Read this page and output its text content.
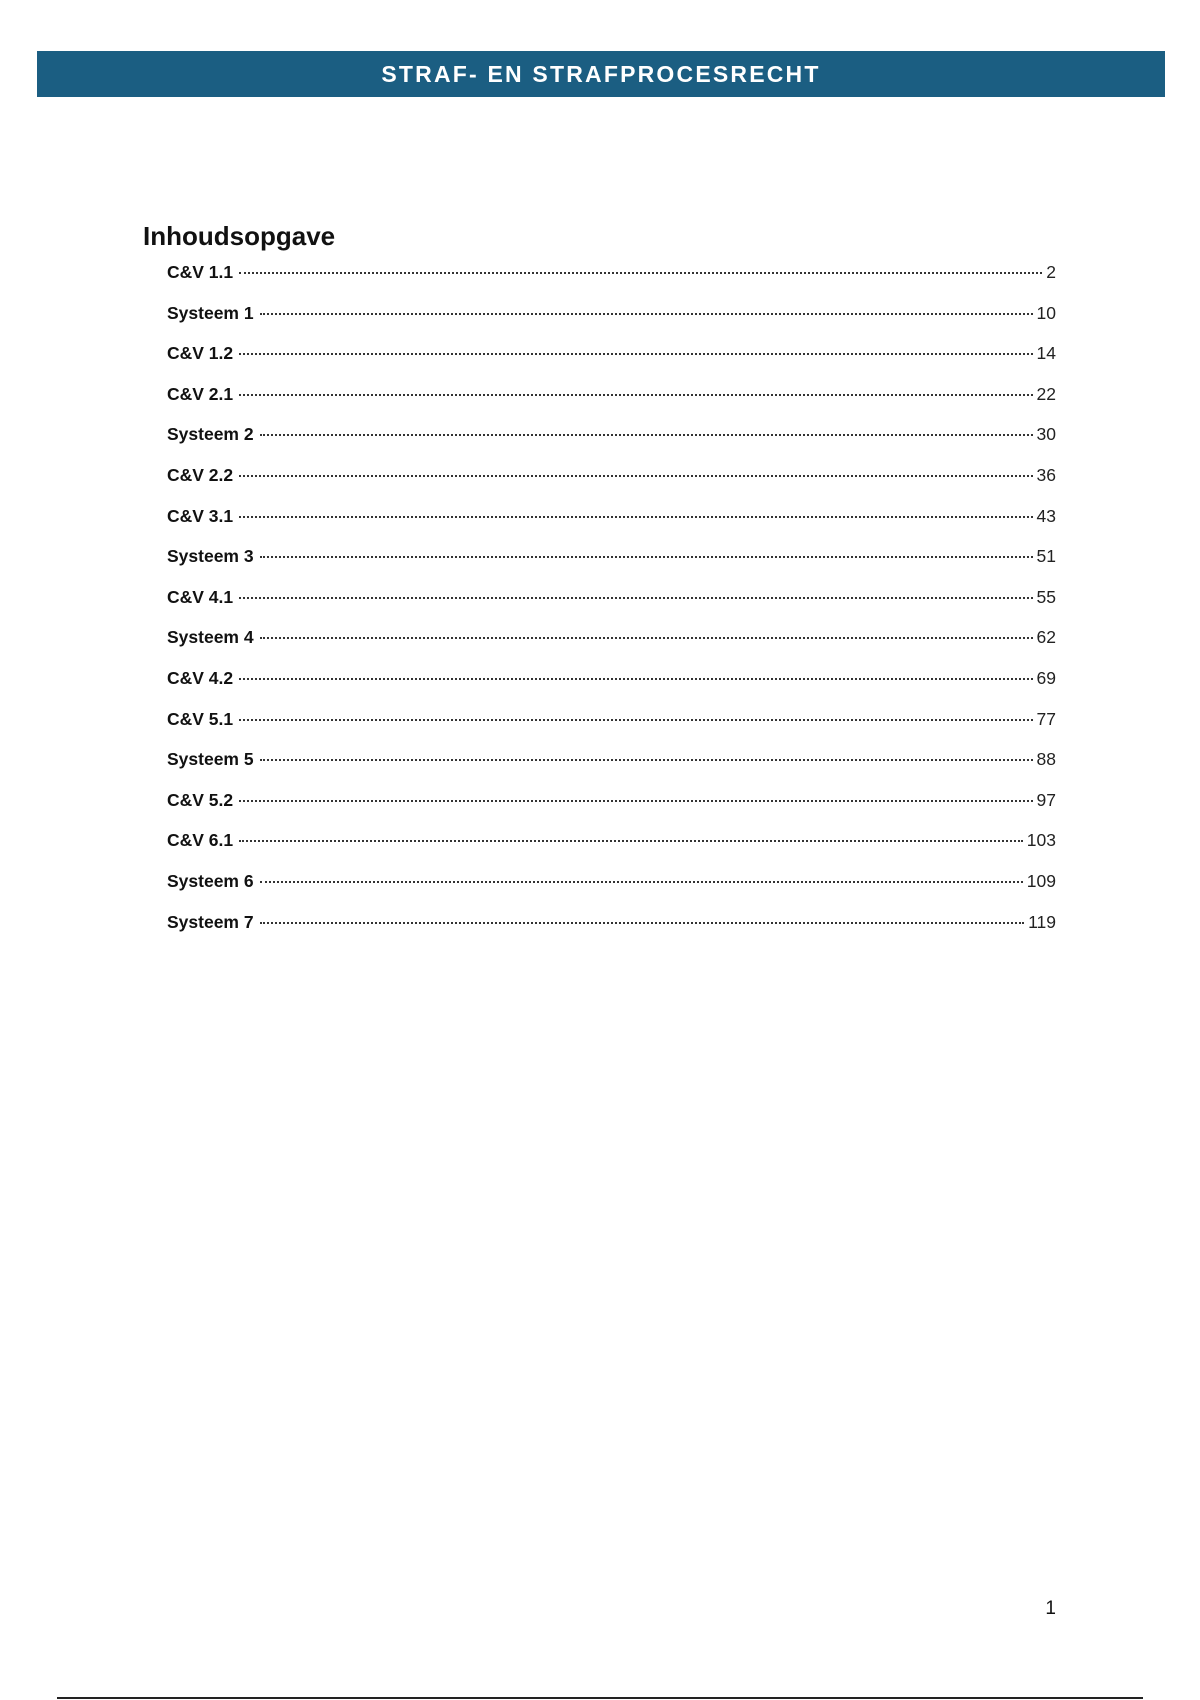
STRAF- EN STRAFPROCESRECHT
Inhoudsopgave
C&V 1.1	2
Systeem 1	10
C&V 1.2	14
C&V 2.1	22
Systeem 2	30
C&V 2.2	36
C&V 3.1	43
Systeem 3	51
C&V 4.1	55
Systeem 4	62
C&V 4.2	69
C&V 5.1	77
Systeem 5	88
C&V 5.2	97
C&V 6.1	103
Systeem 6	109
Systeem 7	119
1
